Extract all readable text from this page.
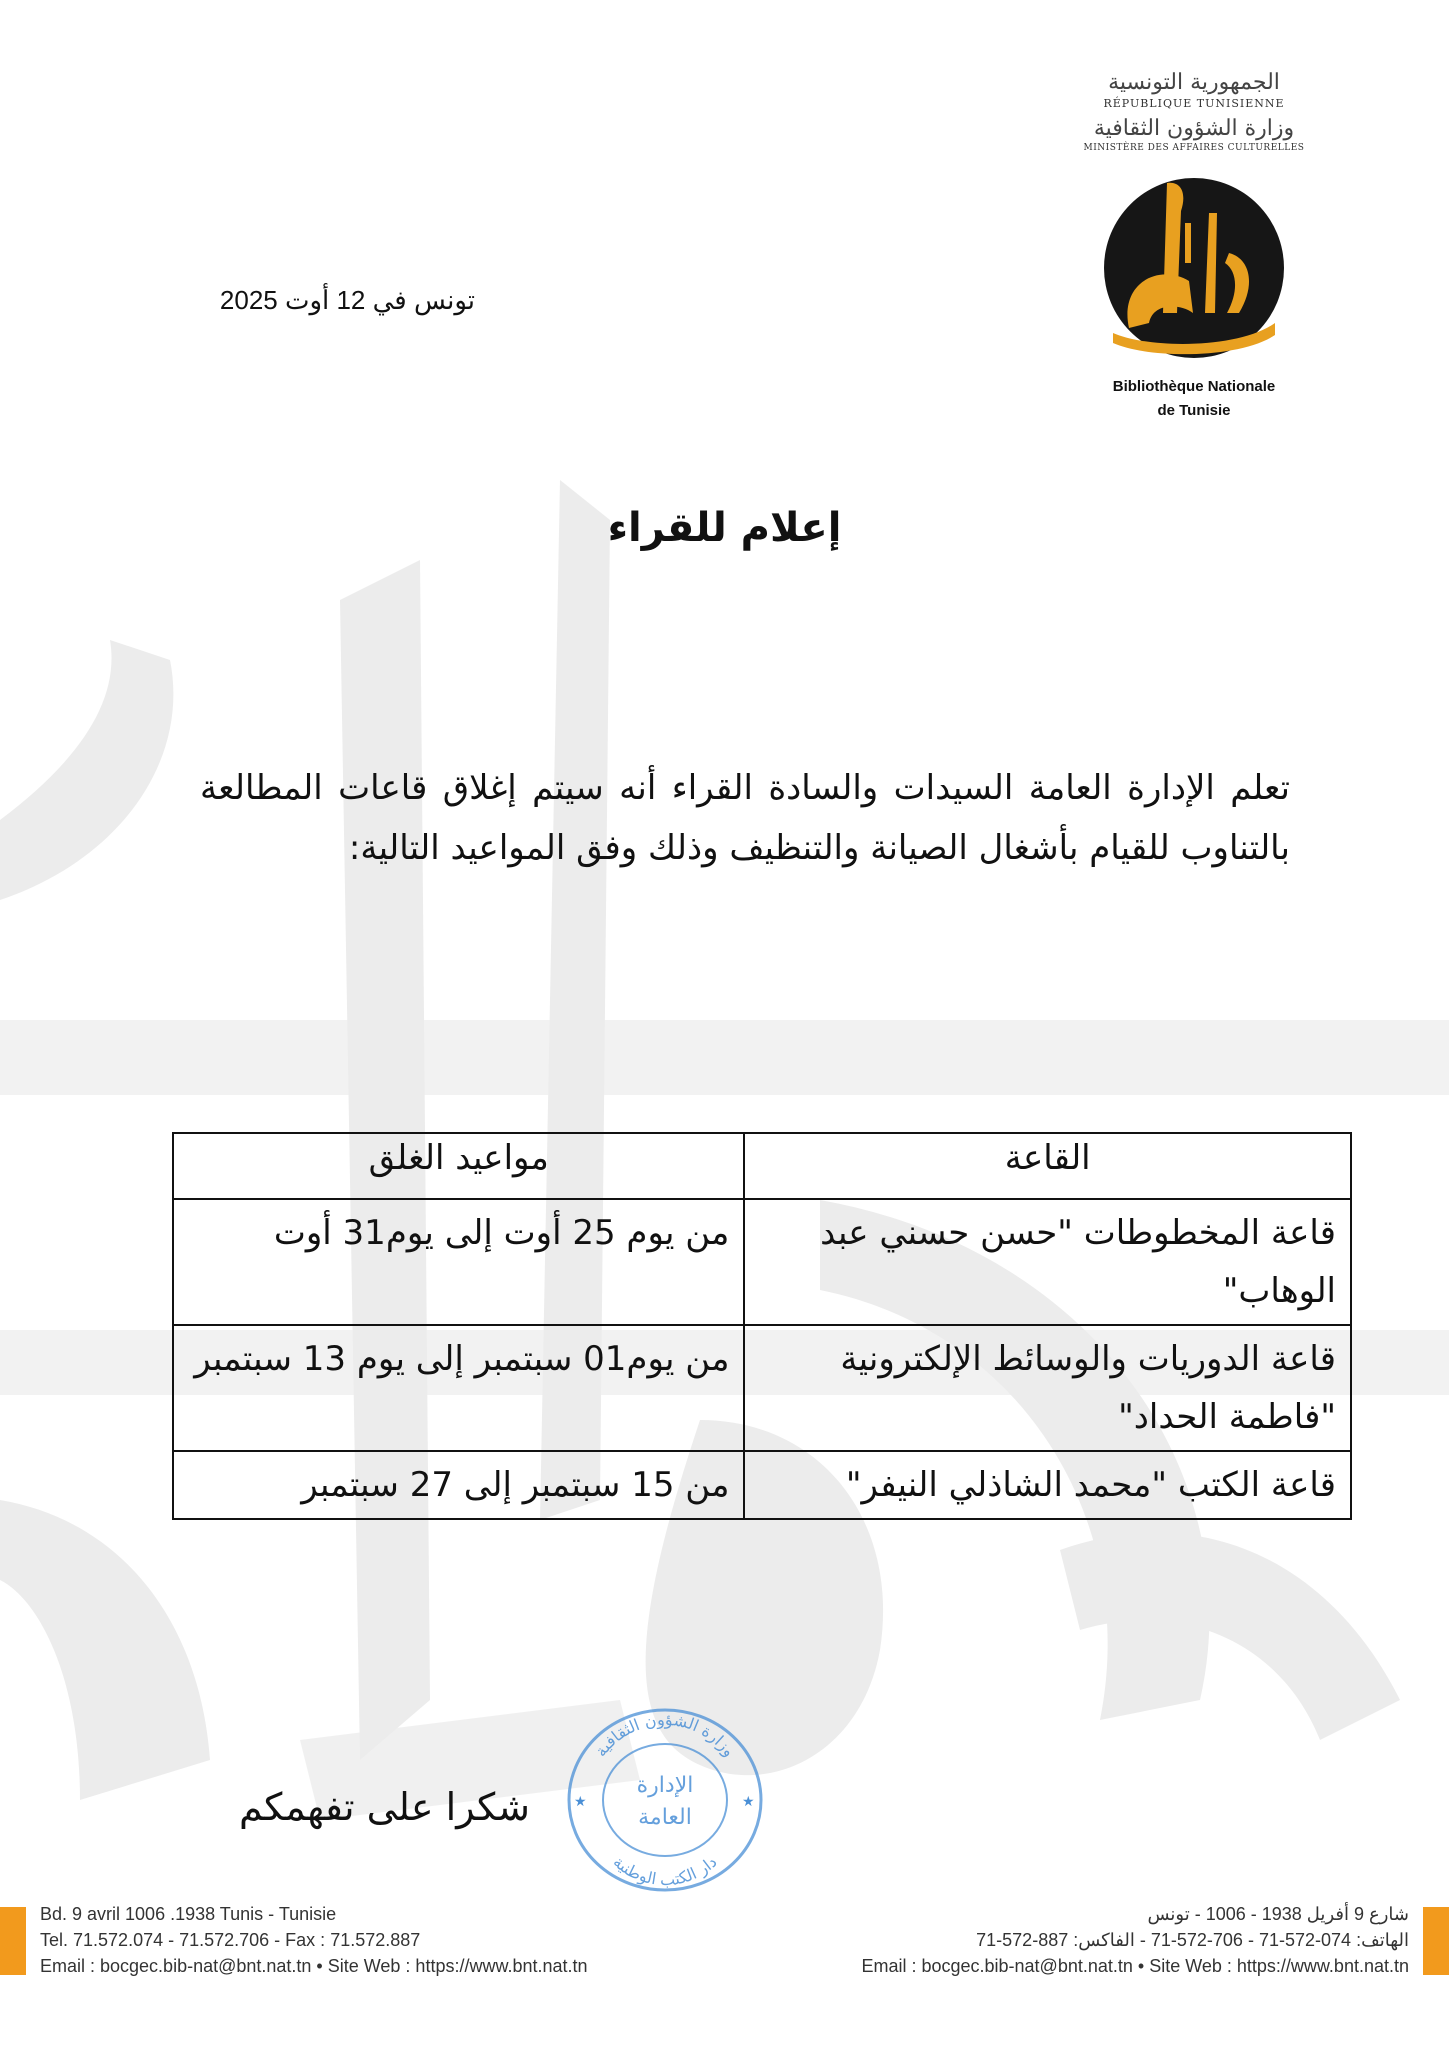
الجمهورية التونسية
RÉPUBLIQUE TUNISIENNE
وزارة الشؤون الثقافية
MINISTÈRE DES AFFAIRES CULTURELLES
Bibliothèque Nationale
de Tunisie
تونس في 12 أوت 2025
إعلام للقراء
تعلم الإدارة العامة السيدات والسادة القراء أنه سيتم إغلاق قاعات المطالعة بالتناوب للقيام بأشغال الصيانة والتنظيف وذلك وفق المواعيد التالية:
القاعة	مواعيد الغلق
قاعة المخطوطات "حسن حسني عبد الوهاب"	من يوم 25 أوت إلى يوم31 أوت
قاعة الدوريات والوسائط الإلكترونية "فاطمة الحداد"	من يوم01 سبتمبر إلى يوم 13 سبتمبر
قاعة الكتب "محمد الشاذلي النيفر"	من 15 سبتمبر إلى 27 سبتمبر
شكرا على تفهمكم
وزارة الشؤون الثقافية
دار الكتب الوطنية
الإدارة
العامة
★	★
Bd. 9 avril 1006 .1938 Tunis - Tunisie
Tel. 71.572.074 - 71.572.706 - Fax : 71.572.887
Email : bocgec.bib-nat@bnt.nat.tn • Site Web : https://www.bnt.nat.tn
شارع 9 أفريل 1938 - 1006 - تونس
الهاتف: 074-572-71 - 706-572-71 - الفاكس: 887-572-71
Email : bocgec.bib-nat@bnt.nat.tn • Site Web : https://www.bnt.nat.tn
